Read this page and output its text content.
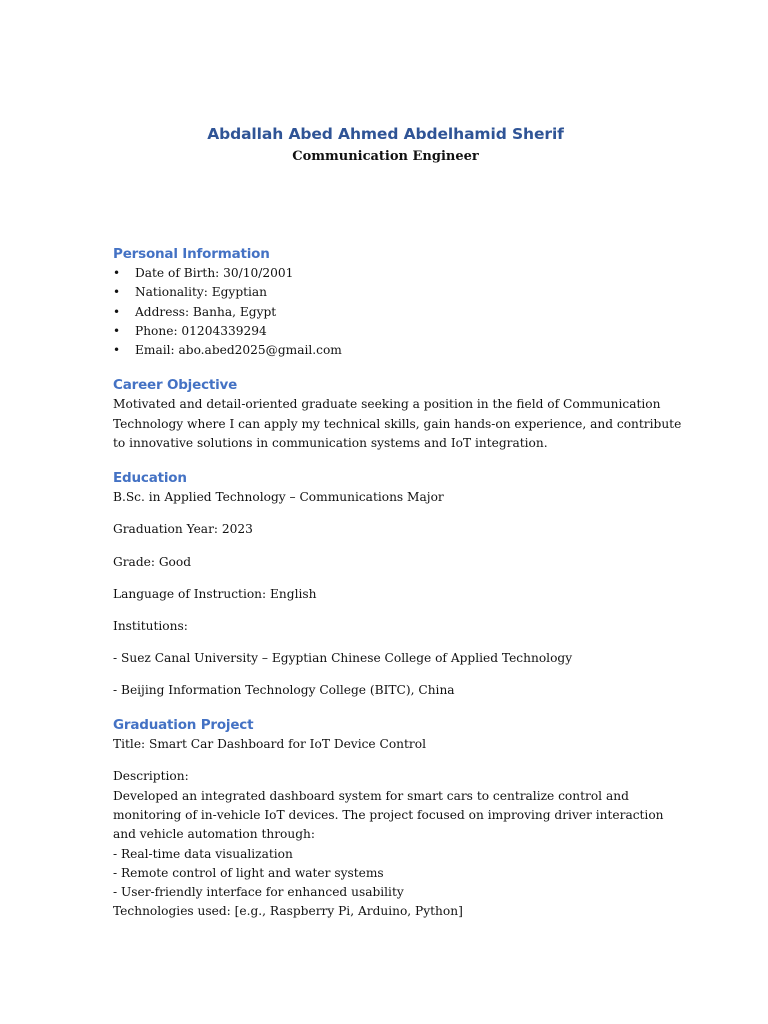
Abdallah Abed Ahmed Abdelhamid Sherif

Communication Engineer

Personal Information
• Date of Birth: 30/10/2001
• Nationality: Egyptian
• Address: Banha, Egypt
• Phone: 01204339294
• Email: abo.abed2025@gmail.com
Career Objective

Motivated and detail-oriented graduate seeking a position in the field of Communication

Technology where I can apply my technical skills, gain hands-on experience, and contribute

to innovative solutions in communication systems and IoT integration.

Education

B.Sc. in Applied Technology – Communications Major

Graduation Year: 2023

Grade: Good

Language of Instruction: English

Institutions:

- Suez Canal University – Egyptian Chinese College of Applied Technology

- Beijing Information Technology College (BITC), China

Graduation Project

Title: Smart Car Dashboard for IoT Device Control

Description:

Developed an integrated dashboard system for smart cars to centralize control and

monitoring of in-vehicle IoT devices. The project focused on improving driver interaction

and vehicle automation through:

- Real-time data visualization

- Remote control of light and water systems

- User-friendly interface for enhanced usability

Technologies used: [e.g., Raspberry Pi, Arduino, Python]
